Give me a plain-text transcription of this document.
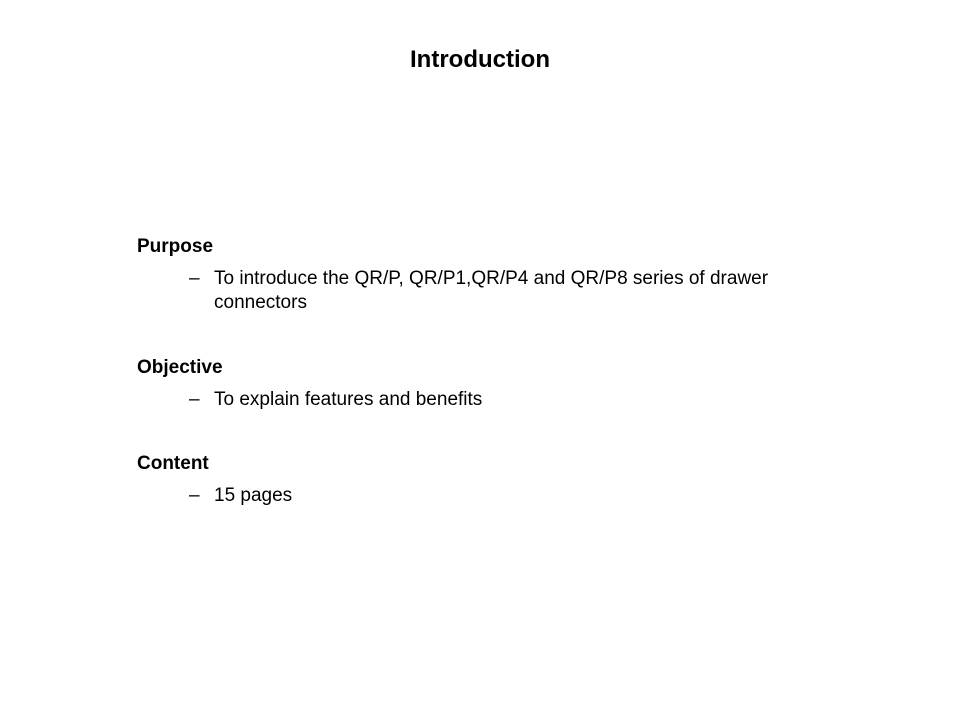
Introduction

Purpose

– To introduce the QR/P, QR/P1,QR/P4 and QR/P8 series of drawer connectors

Objective

– To explain features and benefits

Content

– 15 pages
